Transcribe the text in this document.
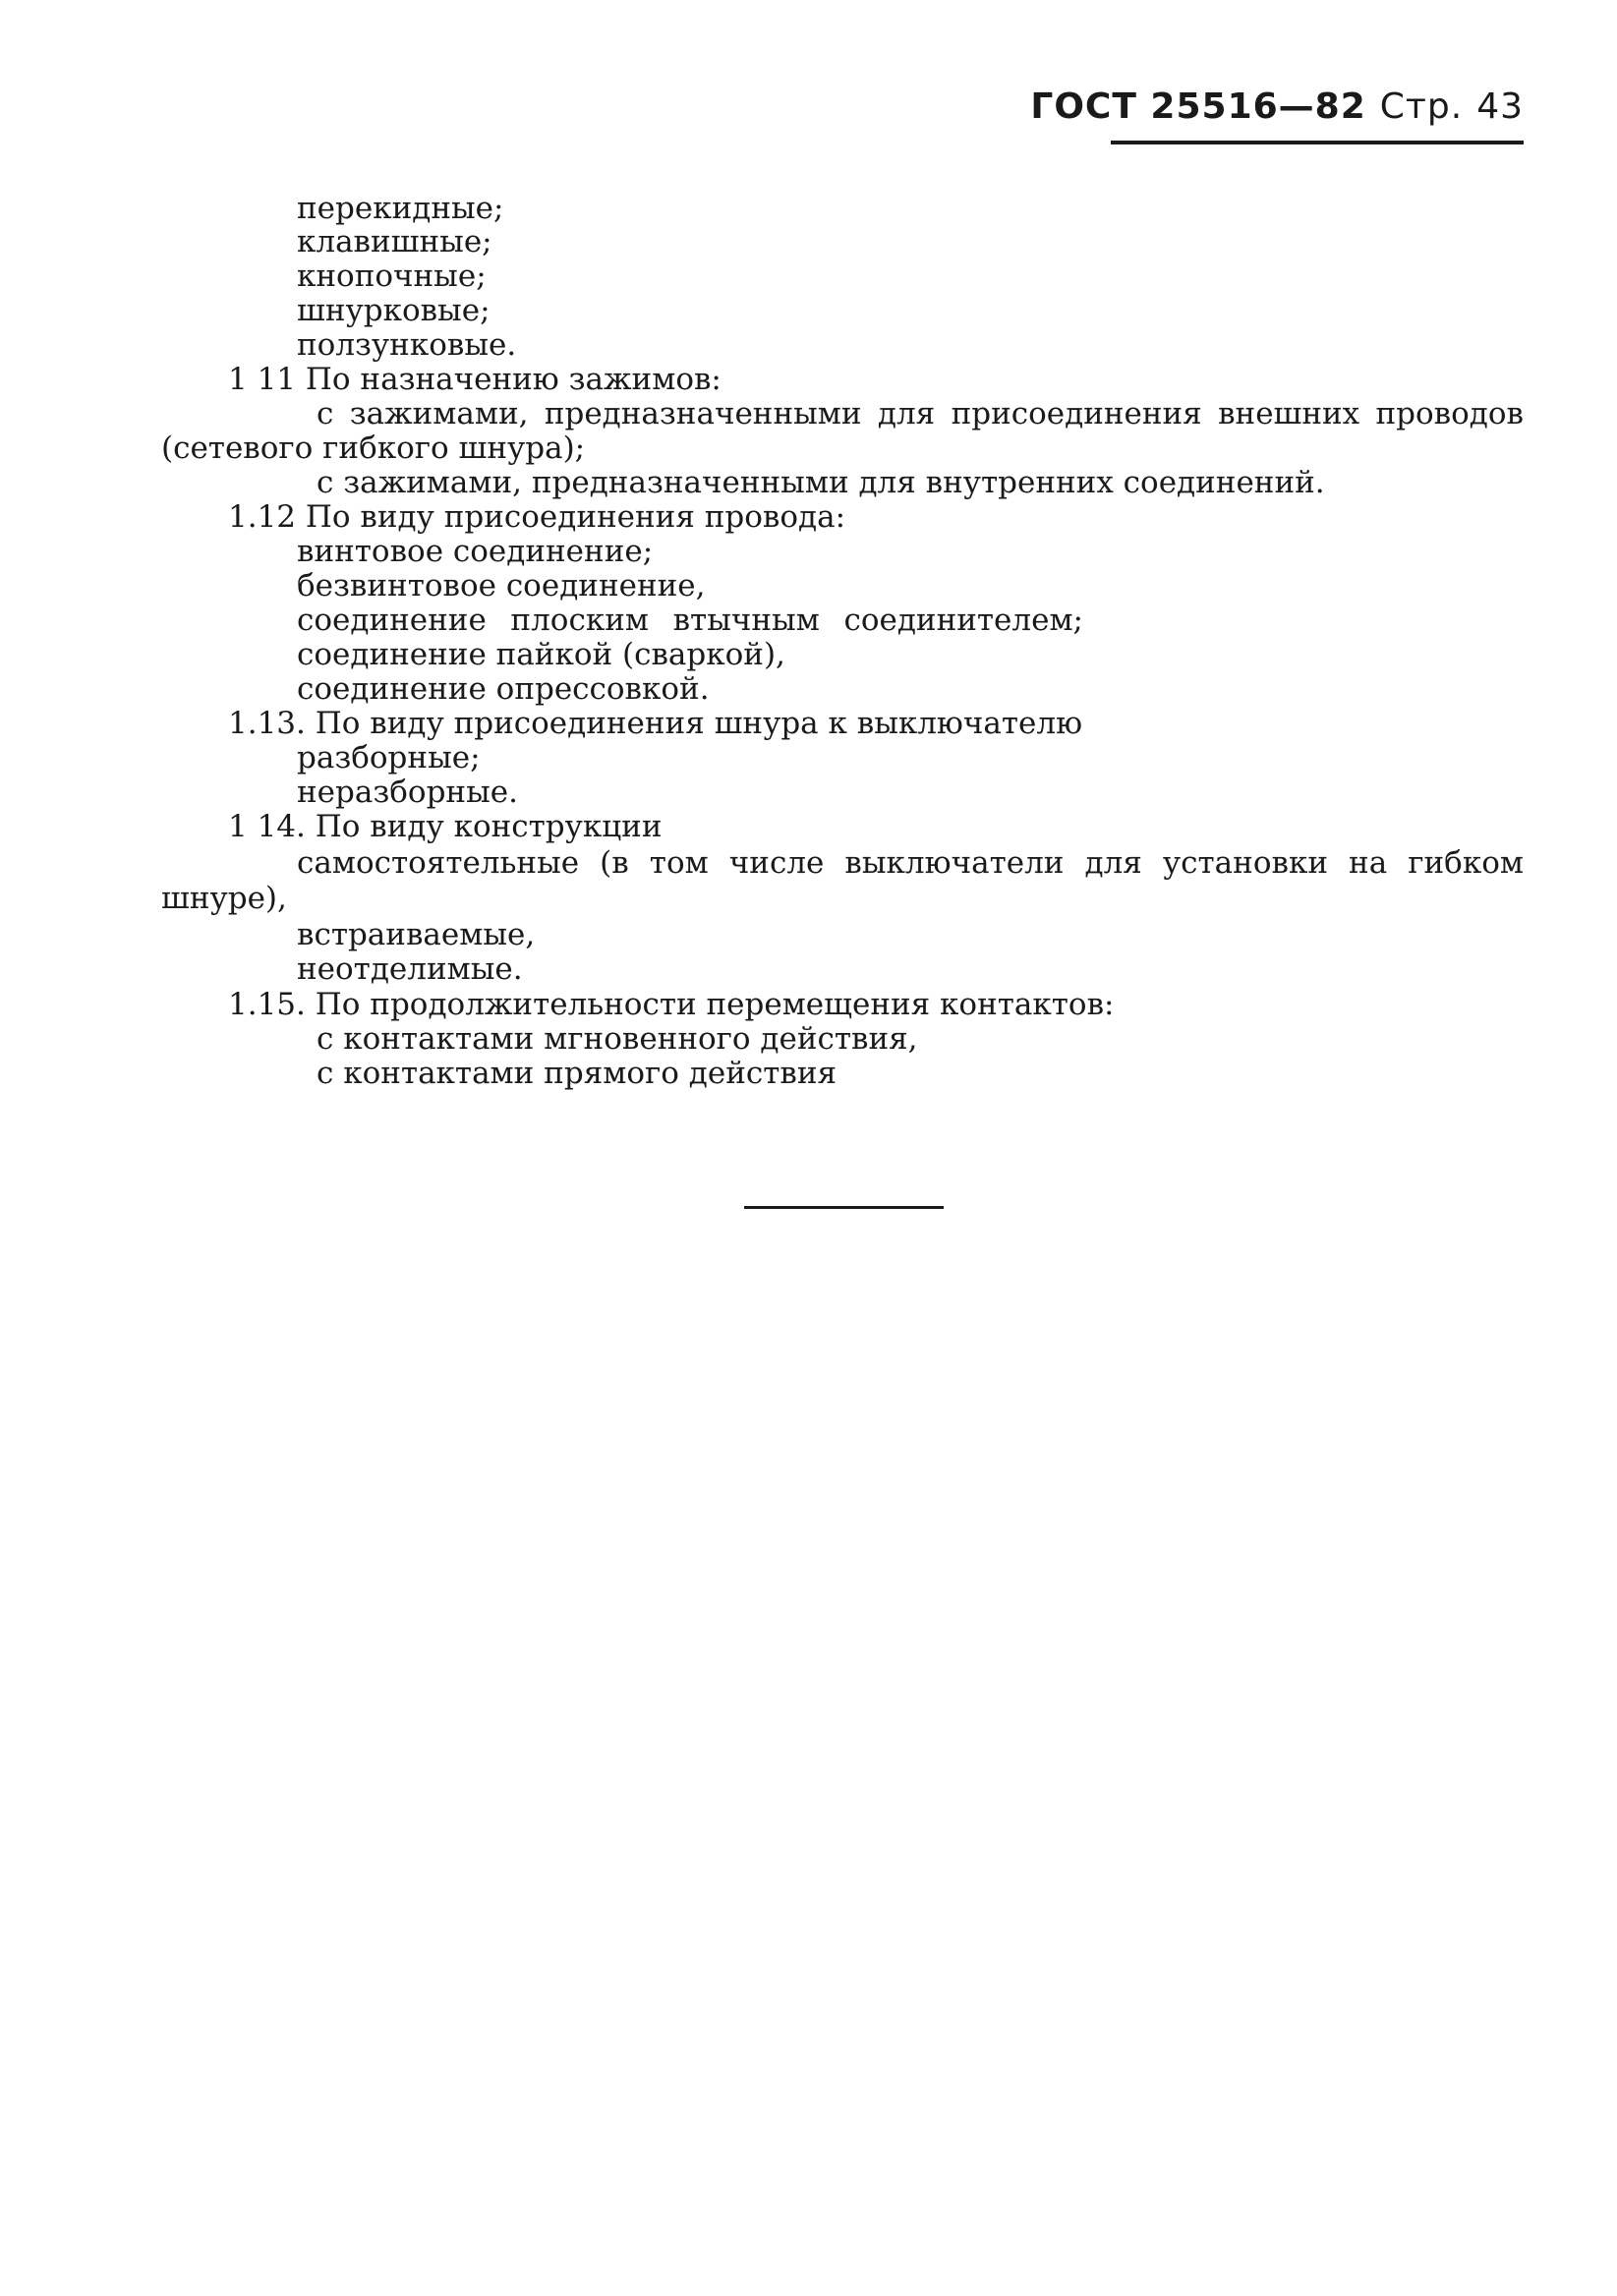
ГОСТ 25516—82 Стр. 43
перекидные;
клавишные;
кнопочные;
шнурковые;
ползунковые.
1 11 По назначению зажимов:
с зажимами, предназначенными для присоединения внешних проводов
(сетевого гибкого шнура);
с зажимами, предназначенными для внутренних соединений.
1.12 По виду присоединения провода:
винтовое соединение;
безвинтовое соединение,
соединение плоским втычным соединителем;
соединение пайкой (сваркой),
соединение опрессовкой.
1.13. По виду присоединения шнура к выключателю
разборные;
неразборные.
1 14. По виду конструкции
самостоятельные (в том числе выключатели для установки на гибком
шнуре),
встраиваемые,
неотделимые.
1.15. По продолжительности перемещения контактов:
с контактами мгновенного действия,
с контактами прямого действия
